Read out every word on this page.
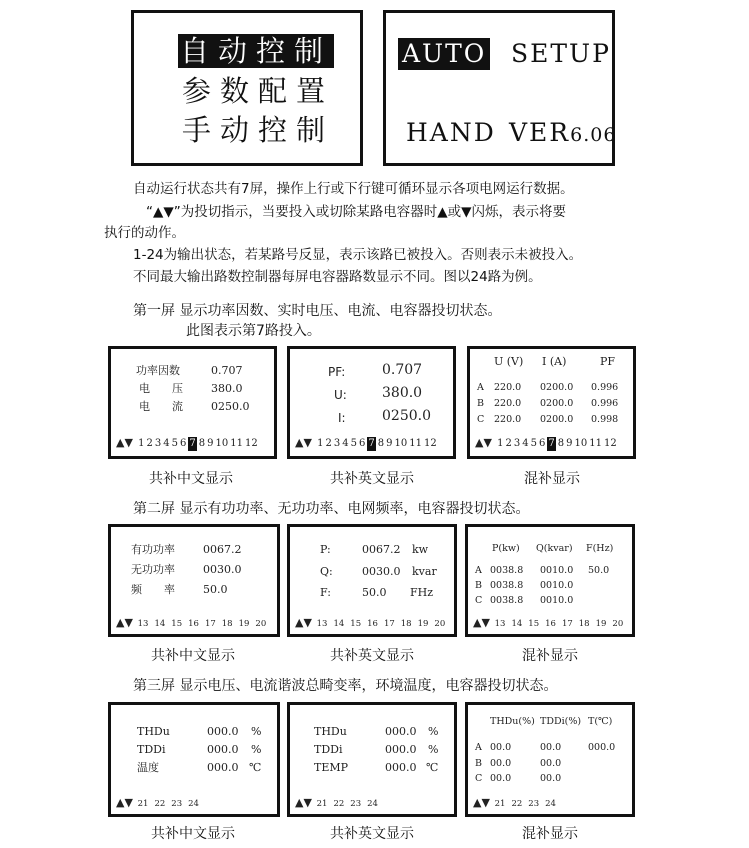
自动控制
参数配置
手动控制
AUTO SETUP
HAND VER6.06
自动运行状态共有7屏，操作上行或下行键可循环显示各项电网运行数据。
“▲▼”为投切指示，当要投入或切除某路电容器时▲或▼闪烁，表示将要
执行的动作。
1-24为输出状态，若某路号反显，表示该路已被投入。否则表示未被投入。
不同最大输出路数控制器每屏电容器路数显示不同。图以24路为例。
第一屏 显示功率因数、实时电压、电流、电容器投切状态。
此图表示第7路投入。
功率因数	0.707
电　　压	380.0
电　　流	0250.0
▲▼ 1 2 3 4 5 6 7 8 9 10 11 12
共补中文显示
PF:	0.707
U:	380.0
I:	0250.0
▲▼ 1 2 3 4 5 6 7 8 9 10 11 12
共补英文显示
U (V) I (A)	PF
A 220.0 0200.0 0.996
B 220.0 0200.0 0.996
C 220.0 0200.0 0.998
▲▼ 1 2 3 4 5 6 7 8 9 10 11 12
混补显示
第二屏 显示有功功率、无功功率、电网频率，电容器投切状态。
有功功率	0067.2
无功功率	0030.0
频　　率	50.0
▲▼ 13 14 15 16 17 18 19 20
共补中文显示
P:	0067.2 kw
Q:	0030.0 kvar
F:	50.0 FHz
▲▼ 13 14 15 16 17 18 19 20
共补英文显示
P(kw) Q(kvar) F(Hz)
A 0038.8 0010.0 50.0
B 0038.8 0010.0
C 0038.8 0010.0
▲▼ 13 14 15 16 17 18 19 20
混补显示
第三屏 显示电压、电流谐波总畸变率，环境温度，电容器投切状态。
THDu	000.0 %
TDDi	000.0 %
温度	000.0 ℃
▲▼ 21 22 23 24
共补中文显示
THDu	000.0 %
TDDi	000.0 %
TEMP	000.0 ℃
▲▼ 21 22 23 24
共补英文显示
THDu(%) TDDi(%) T(℃)
A 00.0	00.0	000.0
B 00.0	00.0
C 00.0	00.0
▲▼ 21 22 23 24
混补显示
